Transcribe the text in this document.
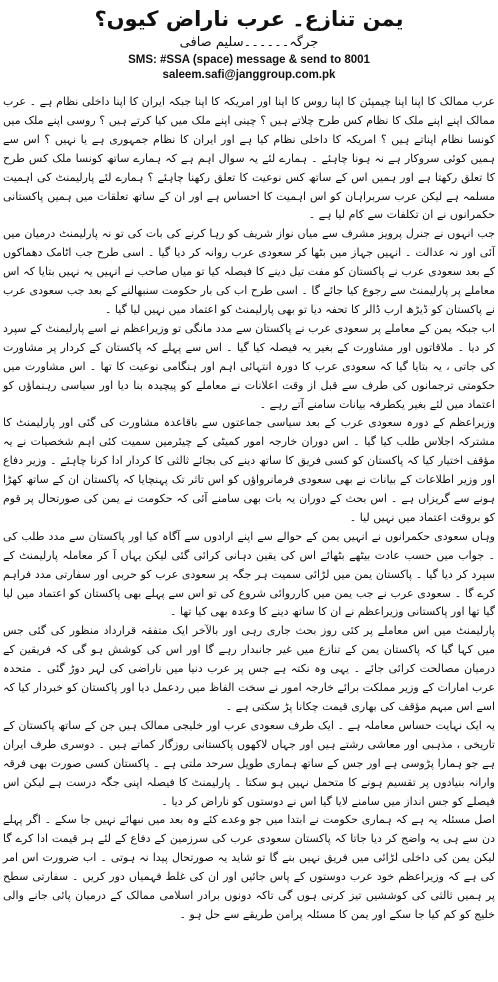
یمن تنازع۔ عرب ناراض کیوں؟
جرگہ۔۔۔۔۔۔سلیم صافی
SMS: #SSA (space) message & send to 8001
saleem.safi@janggroup.com.pk

عرب ممالک کا اپنا اپنا چیمپئن کا اپنا روس کا اپنا اور امریکہ کا اپنا جبکہ ایران کا اپنا داخلی نظام ہے ۔ عرب ممالک اپنے اپنے ملک کا نظام کس طرح چلاتے ہیں ؟ چینی اپنے ملک میں کیا کرتے ہیں ؟ روسی اپنے ملک میں کونسا نظام اپناتے ہیں ؟ امریکہ کا داخلی نظام کیا ہے اور ایران کا نظام جمہوری ہے یا نہیں ؟ اس سے ہمیں کوئی سروکار ہے نہ ہونا چاہئے ۔ ہمارے لئے یہ سوال اہم ہے کہ ہمارے ساتھ کونسا ملک کس طرح کا تعلق رکھتا ہے اور ہمیں اس کے ساتھ کس نوعیت کا تعلق رکھنا چاہئے ؟ ہمارے لئے پارلیمنٹ کی اہمیت مسلمہ ہے لیکن عرب سربراہان کو اس اہمیت کا احساس ہے اور ان کے ساتھ تعلقات میں ہمیں پاکستانی حکمرانوں نے ان تکلفات سے کام لیا ہے ۔

جب انہوں نے جنرل پرویز مشرف سے میاں نواز شریف کو رہا کرنے کی بات کی تو نہ پارلیمنٹ درمیان میں آئی اور نہ عدالت ۔ انہیں جہاز میں بٹھا کر سعودی عرب روانہ کر دیا گیا ۔ اسی طرح جب اٹامک دھماکوں کے بعد سعودی عرب نے پاکستان کو مفت تیل دینے کا فیصلہ کیا تو میاں صاحب نے انہیں یہ نہیں بتایا کہ اس معاملے پر پارلیمنٹ سے رجوع کیا جائے گا ۔ اسی طرح اب کی بار حکومت سنبھالنے کے بعد جب سعودی عرب نے پاکستان کو ڈیڑھ ارب ڈالر کا تحفہ دیا تو بھی پارلیمنٹ کو اعتماد میں نہیں لیا گیا ۔

اب جبکہ یمن کے معاملے پر سعودی عرب نے پاکستان سے مدد مانگی تو وزیراعظم نے اسے پارلیمنٹ کے سپرد کر دیا ۔ ملاقاتوں اور مشاورت کے بغیر یہ فیصلہ کیا گیا ۔ اس سے پہلے کہ پاکستان کے کردار پر مشاورت کی جاتی ، یہ بتایا گیا کہ سعودی عرب کا دورہ انتہائی اہم اور ہنگامی نوعیت کا تھا ۔ اس مشاورت میں حکومتی ترجمانوں کی طرف سے قبل از وقت اعلانات نے معاملے کو پیچیدہ بنا دیا اور سیاسی رہنماؤں کو اعتماد میں لئے بغیر یکطرفہ بیانات سامنے آتے رہے ۔

وزیراعظم کے دورہ سعودی عرب کے بعد سیاسی جماعتوں سے باقاعدہ مشاورت کی گئی اور پارلیمنٹ کا مشترکہ اجلاس طلب کیا گیا ۔ اس دوران خارجہ امور کمیٹی کے چیئرمین سمیت کئی اہم شخصیات نے یہ مؤقف اختیار کیا کہ پاکستان کو کسی فریق کا ساتھ دینے کی بجائے ثالثی کا کردار ادا کرنا چاہئے ۔ وزیر دفاع اور وزیر اطلاعات کے بیانات نے بھی سعودی فرمانرواؤں کو اس تاثر تک پہنچایا کہ پاکستان ان کے ساتھ کھڑا ہونے سے گریزاں ہے ۔ اس بحث کے دوران یہ بات بھی سامنے آئی کہ حکومت نے یمن کی صورتحال پر قوم کو بروقت اعتماد میں نہیں لیا ۔

وہاں سعودی حکمرانوں نے انہیں یمن کے حوالے سے اپنے ارادوں سے آگاہ کیا اور پاکستان سے مدد طلب کی ۔ جواب میں حسب عادت بیٹھے بٹھائے اس کی یقین دہانی کرائی گئی لیکن یہاں آ کر معاملہ پارلیمنٹ کے سپرد کر دیا گیا ۔ پاکستان یمن میں لڑائی سمیت ہر جگہ پر سعودی عرب کو حربی اور سفارتی مدد فراہم کرے گا ۔ سعودی عرب نے جب یمن میں کارروائی شروع کی تو اس سے پہلے بھی پاکستان کو اعتماد میں لیا گیا تھا اور پاکستانی وزیراعظم نے ان کا ساتھ دینے کا وعدہ بھی کیا تھا ۔

پارلیمنٹ میں اس معاملے پر کئی روز بحث جاری رہی اور بالآخر ایک متفقہ قرارداد منظور کی گئی جس میں کہا گیا کہ پاکستان یمن کے تنازع میں غیر جانبدار رہے گا اور اس کی کوشش ہو گی کہ فریقین کے درمیان مصالحت کرائی جائے ۔ یہی وہ نکتہ ہے جس پر عرب دنیا میں ناراضی کی لہر دوڑ گئی ۔ متحدہ عرب امارات کے وزیر مملکت برائے خارجہ امور نے سخت الفاظ میں ردعمل دیا اور پاکستان کو خبردار کیا کہ اسے اس مبہم مؤقف کی بھاری قیمت چکانا پڑ سکتی ہے ۔

یہ ایک نہایت حساس معاملہ ہے ۔ ایک طرف سعودی عرب اور خلیجی ممالک ہیں جن کے ساتھ پاکستان کے تاریخی ، مذہبی اور معاشی رشتے ہیں اور جہاں لاکھوں پاکستانی روزگار کماتے ہیں ۔ دوسری طرف ایران ہے جو ہمارا پڑوسی ہے اور جس کے ساتھ ہماری طویل سرحد ملتی ہے ۔ پاکستان کسی صورت بھی فرقہ وارانہ بنیادوں پر تقسیم ہونے کا متحمل نہیں ہو سکتا ۔ پارلیمنٹ کا فیصلہ اپنی جگہ درست ہے لیکن اس فیصلے کو جس انداز میں سامنے لایا گیا اس نے دوستوں کو ناراض کر دیا ۔

اصل مسئلہ یہ ہے کہ ہماری حکومت نے ابتدا میں جو وعدے کئے وہ بعد میں نبھائے نہیں جا سکے ۔ اگر پہلے دن سے ہی یہ واضح کر دیا جاتا کہ پاکستان سعودی عرب کی سرزمین کے دفاع کے لئے ہر قیمت ادا کرے گا لیکن یمن کی داخلی لڑائی میں فریق نہیں بنے گا تو شاید یہ صورتحال پیدا نہ ہوتی ۔ اب ضرورت اس امر کی ہے کہ وزیراعظم خود عرب دوستوں کے پاس جائیں اور ان کی غلط فہمیاں دور کریں ۔ سفارتی سطح پر ہمیں ثالثی کی کوششیں تیز کرنی ہوں گی تاکہ دونوں برادر اسلامی ممالک کے درمیان پائی جانے والی خلیج کو کم کیا جا سکے اور یمن کا مسئلہ پرامن طریقے سے حل ہو ۔
